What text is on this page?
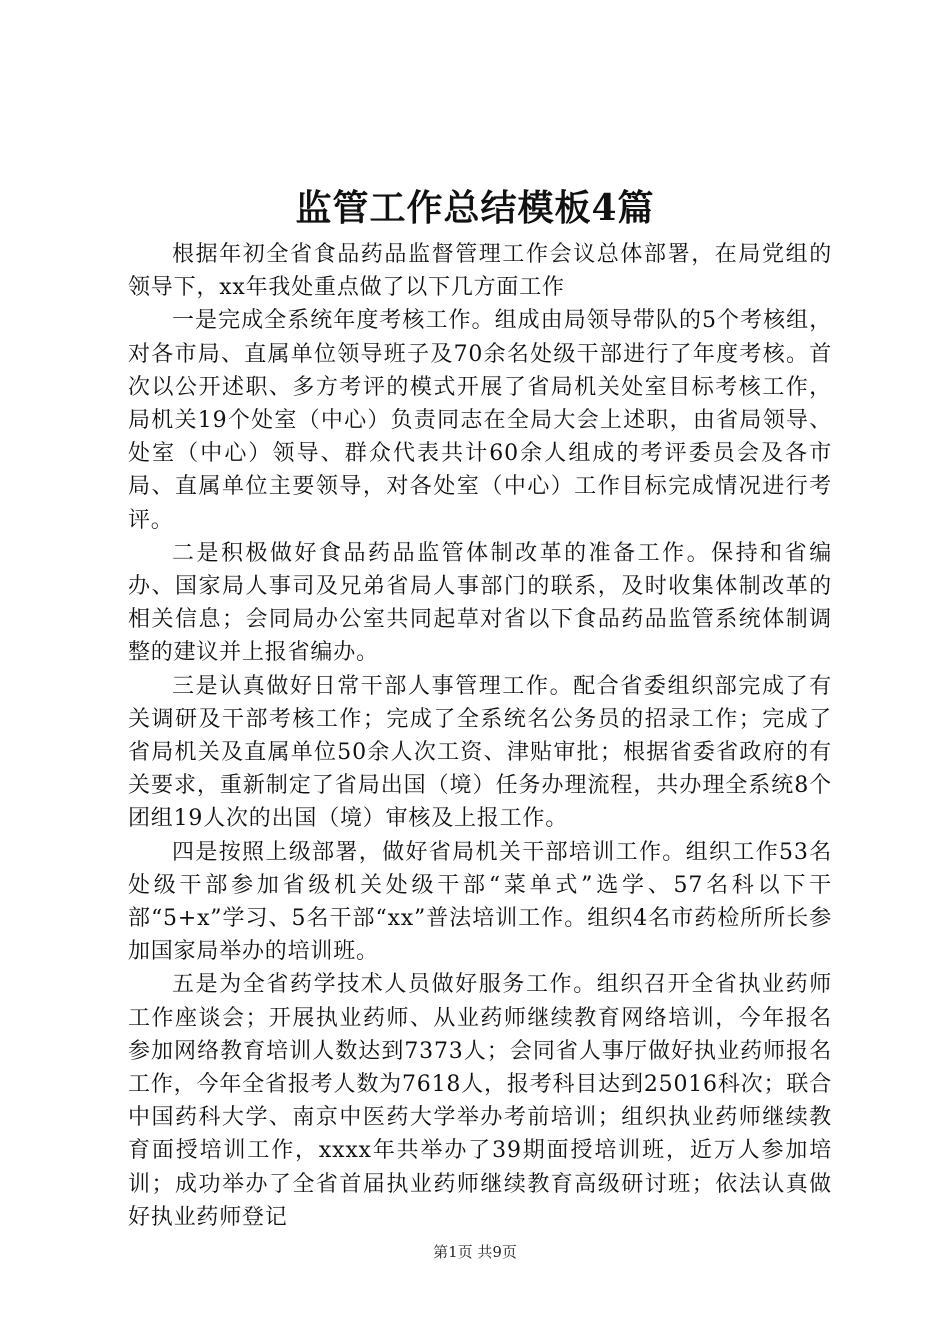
监管工作总结模板4篇

根据年初全省食品药品监督管理工作会议总体部署，在局党组的领导下，xx年我处重点做了以下几方面工作

一是完成全系统年度考核工作。组成由局领导带队的5个考核组，对各市局、直属单位领导班子及70余名处级干部进行了年度考核。首次以公开述职、多方考评的模式开展了省局机关处室目标考核工作，局机关19个处室（中心）负责同志在全局大会上述职，由省局领导、处室（中心）领导、群众代表共计60余人组成的考评委员会及各市局、直属单位主要领导，对各处室（中心）工作目标完成情况进行考评。

二是积极做好食品药品监管体制改革的准备工作。保持和省编办、国家局人事司及兄弟省局人事部门的联系，及时收集体制改革的相关信息；会同局办公室共同起草对省以下食品药品监管系统体制调整的建议并上报省编办。

三是认真做好日常干部人事管理工作。配合省委组织部完成了有关调研及干部考核工作；完成了全系统名公务员的招录工作；完成了省局机关及直属单位50余人次工资、津贴审批；根据省委省政府的有关要求，重新制定了省局出国（境）任务办理流程，共办理全系统8个团组19人次的出国（境）审核及上报工作。

四是按照上级部署，做好省局机关干部培训工作。组织工作53名处级干部参加省级机关处级干部“菜单式”选学、57名科以下干部“5+x”学习、5名干部“xx”普法培训工作。组织4名市药检所所长参加国家局举办的培训班。

五是为全省药学技术人员做好服务工作。组织召开全省执业药师工作座谈会；开展执业药师、从业药师继续教育网络培训，今年报名参加网络教育培训人数达到7373人；会同省人事厅做好执业药师报名工作，今年全省报考人数为7618人，报考科目达到25016科次；联合中国药科大学、南京中医药大学举办考前培训；组织执业药师继续教育面授培训工作，xxxx年共举办了39期面授培训班，近万人参加培训；成功举办了全省首届执业药师继续教育高级研讨班；依法认真做好执业药师登记

第1页 共9页
